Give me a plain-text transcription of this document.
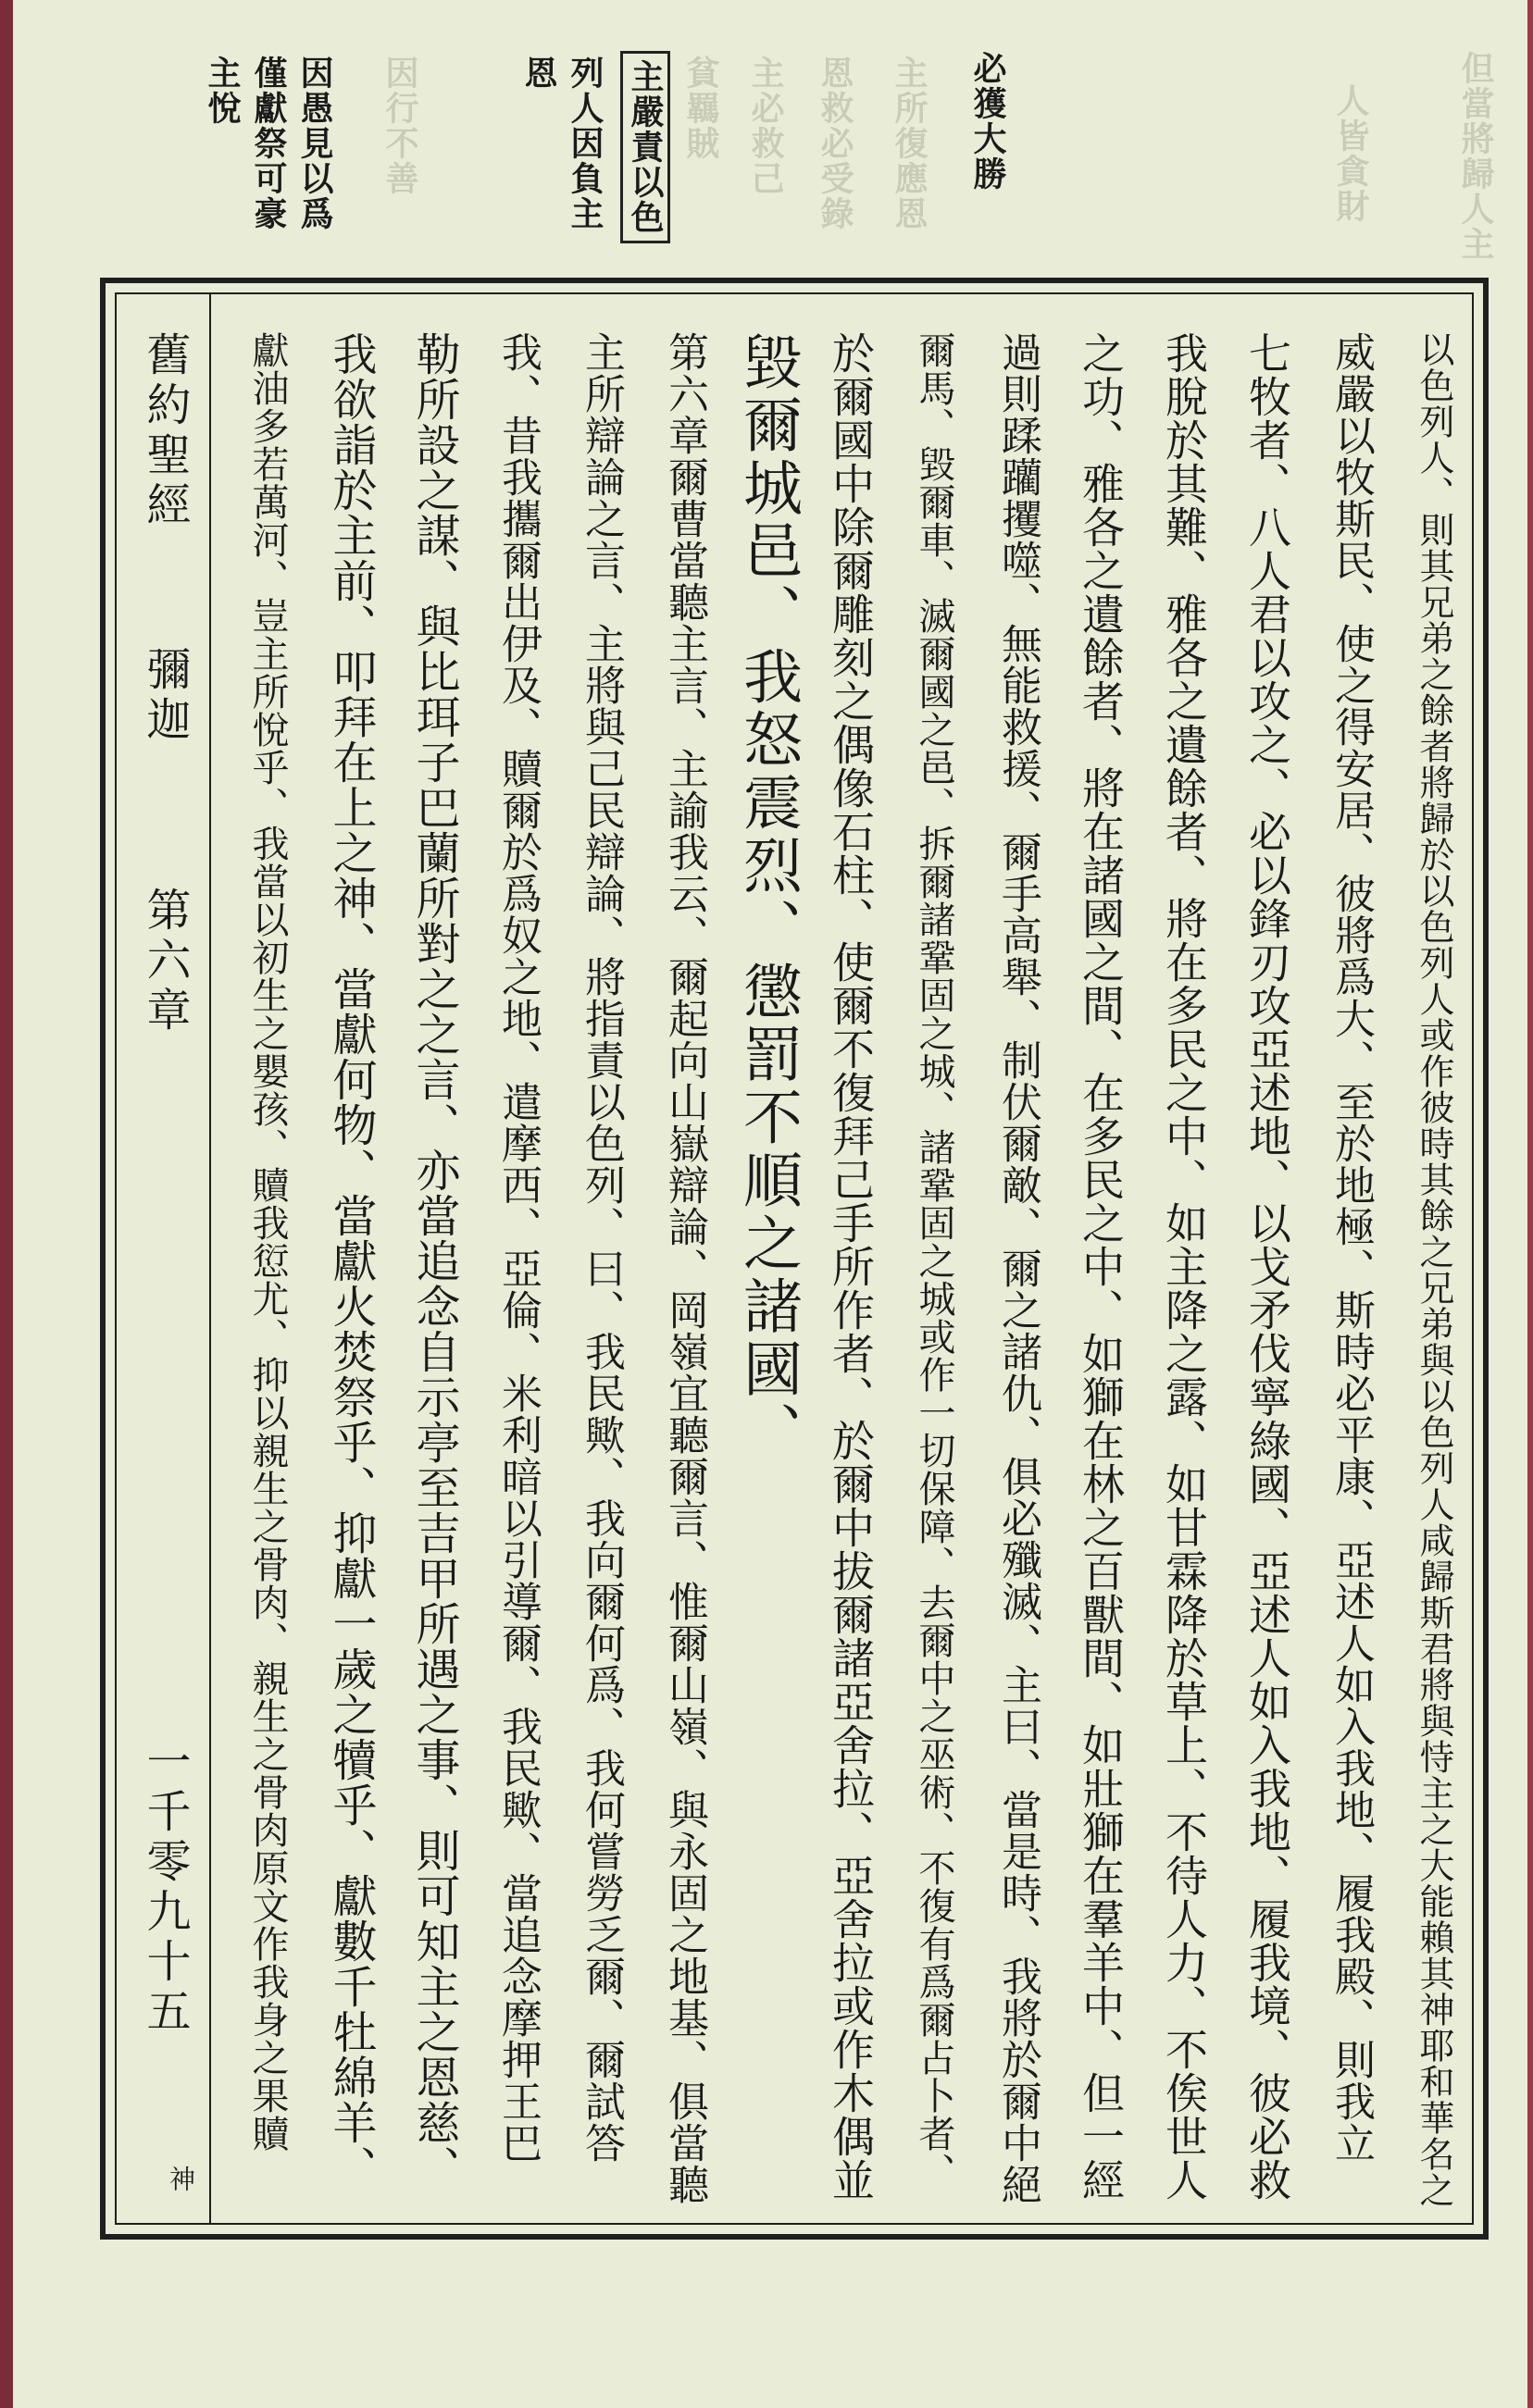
但當將歸人主
人皆貪財
必獲大勝
主所復應恩
恩救必受錄
主必救己
貧羈賊
主嚴責以色
列人因負主
恩
因行不善
因愚見以爲
僅獻祭可豪
主悅
以色列人、則其兄弟之餘者將歸於以色列人或作彼時其餘之兄弟與以色列人咸歸斯君將與恃主之大能賴其神耶和華名之
威嚴以牧斯民、使之得安居、彼將爲大、至於地極、斯時必平康、亞述人如入我地、履我殿、則我立
七牧者、八人君以攻之、必以鋒刃攻亞述地、以戈矛伐寧綠國、亞述人如入我地、履我境、彼必救
我脫於其難、雅各之遺餘者、將在多民之中、如主降之露、如甘霖降於草上、不待人力、不俟世人
之功、雅各之遺餘者、將在諸國之間、在多民之中、如獅在林之百獸間、如壯獅在羣羊中、但一經
過則蹂躪攫噬、無能救援、爾手高舉、制伏爾敵、爾之諸仇、俱必殲滅、主曰、當是時、我將於爾中絕
爾馬、毀爾車、滅爾國之邑、拆爾諸鞏固之城、諸鞏固之城或作一切保障、去爾中之巫術、不復有爲爾占卜者、
於爾國中除爾雕刻之偶像石柱、使爾不復拜己手所作者、於爾中拔爾諸亞舍拉、亞舍拉或作木偶並
毀爾城邑、我怒震烈、懲罰不順之諸國、
第六章爾曹當聽主言、主諭我云、爾起向山嶽辯論、岡嶺宜聽爾言、惟爾山嶺、與永固之地基、俱當聽
主所辯論之言、主將與己民辯論、將指責以色列、曰、我民歟、我向爾何爲、我何嘗勞乏爾、爾試答
我、昔我攜爾出伊及、贖爾於爲奴之地、遣摩西、亞倫、米利暗以引導爾、我民歟、當追念摩押王巴
勒所設之謀、與比珥子巴蘭所對之之言、亦當追念自示亭至吉甲所遇之事、則可知主之恩慈、
我欲詣於主前、叩拜在上之神、當獻何物、當獻火焚祭乎、抑獻一歲之犢乎、獻數千牡綿羊、
獻油多若萬河、豈主所悅乎、我當以初生之嬰孩、贖我愆尤、抑以親生之骨肉、親生之骨肉原文作我身之果贖
舊約聖經
彌迦
第六章
一千零九十五
神
